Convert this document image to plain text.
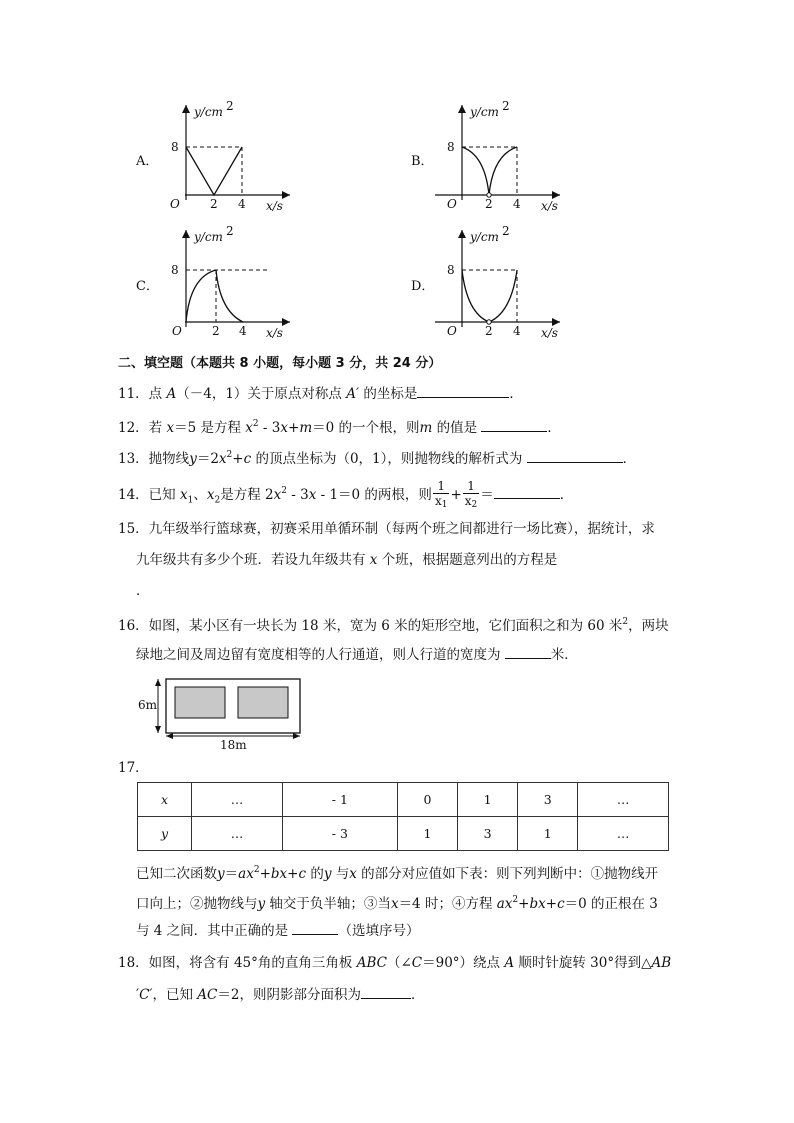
A．
y/cm 2
8
O	2 4 x/s
B．
y/cm 2
8
O 2 4 x/s
C．
y/cm 2
8
O	2 4 x/s
D．
y/cm 2
8
O 2 4 x/s
二、填空题（本题共 8 小题，每小题 3 分，共 24 分）
11．点 A（－4，1）关于原点对称点 A′ 的坐标是	．
12．若 x＝5 是方程 $x^2 - 3x+m=0$ 的一个根，则m 的值是	．
13．抛物线$y=2x^2+c$ 的顶点坐标为（0，1），则抛物线的解析式为	．
14．已知 $x_1$、$x_2$是方程 $2x^2 - 3x - 1=0$ 的两根，则 $\frac{1}{x_1} + \frac{1}{x_2}$ ＝	．
15．九年级举行篮球赛，初赛采用单循环制（每两个班之间都进行一场比赛），据统计，求
九年级共有多少个班．若设九年级共有 x 个班，根据题意列出的方程是
．
16．如图，某小区有一块长为 18 米，宽为 6 米的矩形空地，它们面积之和为 60 米$^2$，两块
绿地之间及周边留有宽度相等的人行通道，则人行道的宽度为	米．
6m
18m
17．
x	…	- 1	0	1	3	…
y	…	- 3	1	3	1	…
已知二次函数$y=ax^2+bx+c$ 的y 与x 的部分对应值如下表：则下列判断中：①抛物线开
口向上；②抛物线与y 轴交于负半轴；③当x＝4 时；④方程 $ax^2+bx+c=0$ 的正根在 3
与 4 之间．其中正确的是	（选填序号）
18．如图，将含有 45°角的直角三角板 ABC（∠C＝90°）绕点 A 顺时针旋转 30°得到△AB
′C′，已知 AC＝2，则阴影部分面积为	．
